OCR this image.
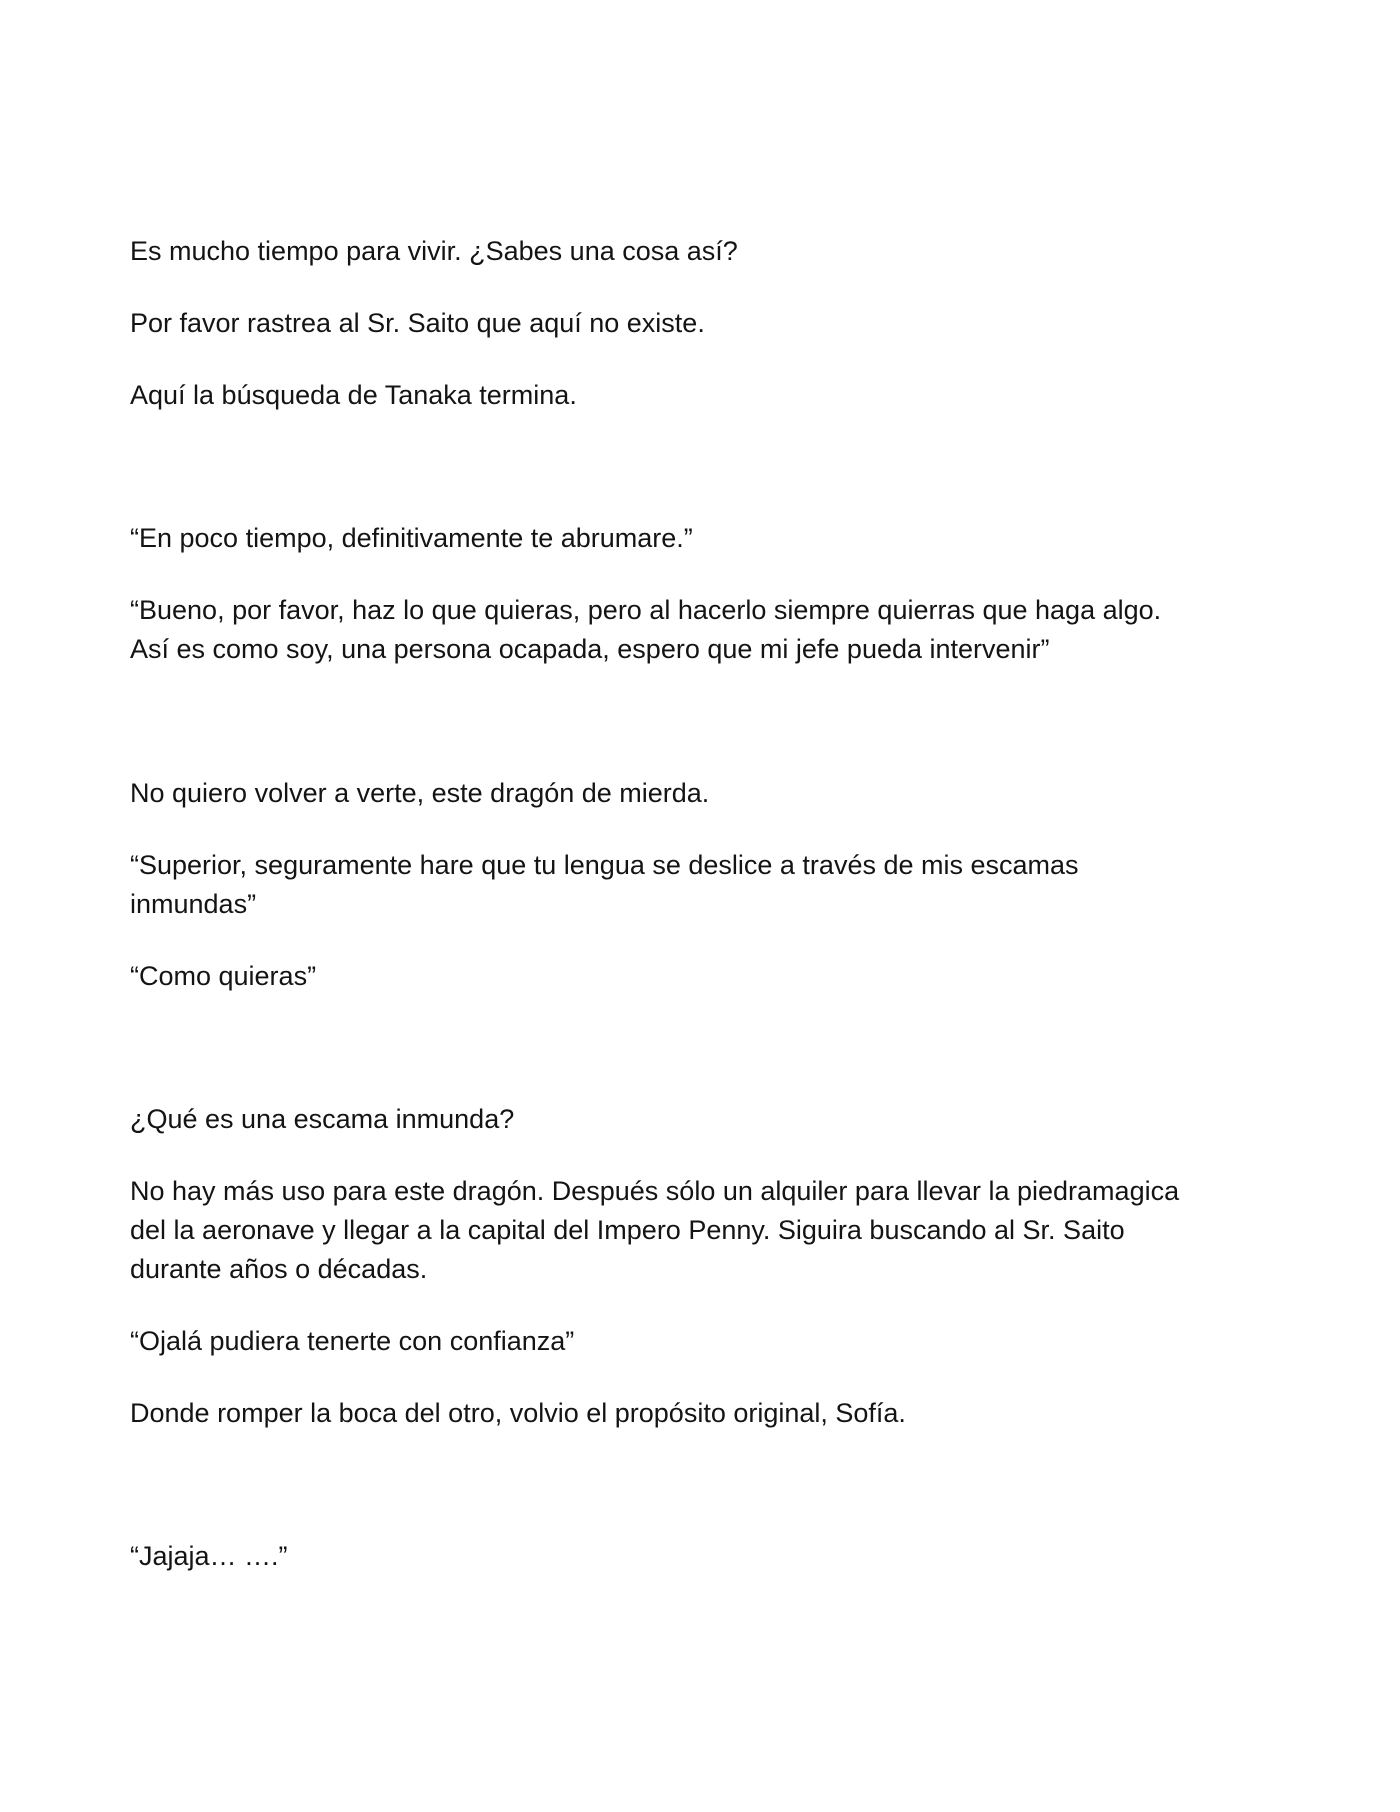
Es mucho tiempo para vivir. ¿Sabes una cosa así?

Por favor rastrea al Sr. Saito que aquí no existe.

Aquí la búsqueda de Tanaka termina.

“En poco tiempo, definitivamente te abrumare.”

“Bueno, por favor, haz lo que quieras, pero al hacerlo siempre quierras que haga algo.
Así es como soy, una persona ocapada, espero que mi jefe pueda intervenir”

No quiero volver a verte, este dragón de mierda.

“Superior, seguramente hare que tu lengua se deslice a través de mis escamas
inmundas”

“Como quieras”

¿Qué es una escama inmunda?

No hay más uso para este dragón. Después sólo un alquiler para llevar la piedramagica
del la aeronave y llegar a la capital del Impero Penny. Siguira buscando al Sr. Saito
durante años o décadas.

“Ojalá pudiera tenerte con confianza”

Donde romper la boca del otro, volvio el propósito original, Sofía.

“Jajaja… ….”
